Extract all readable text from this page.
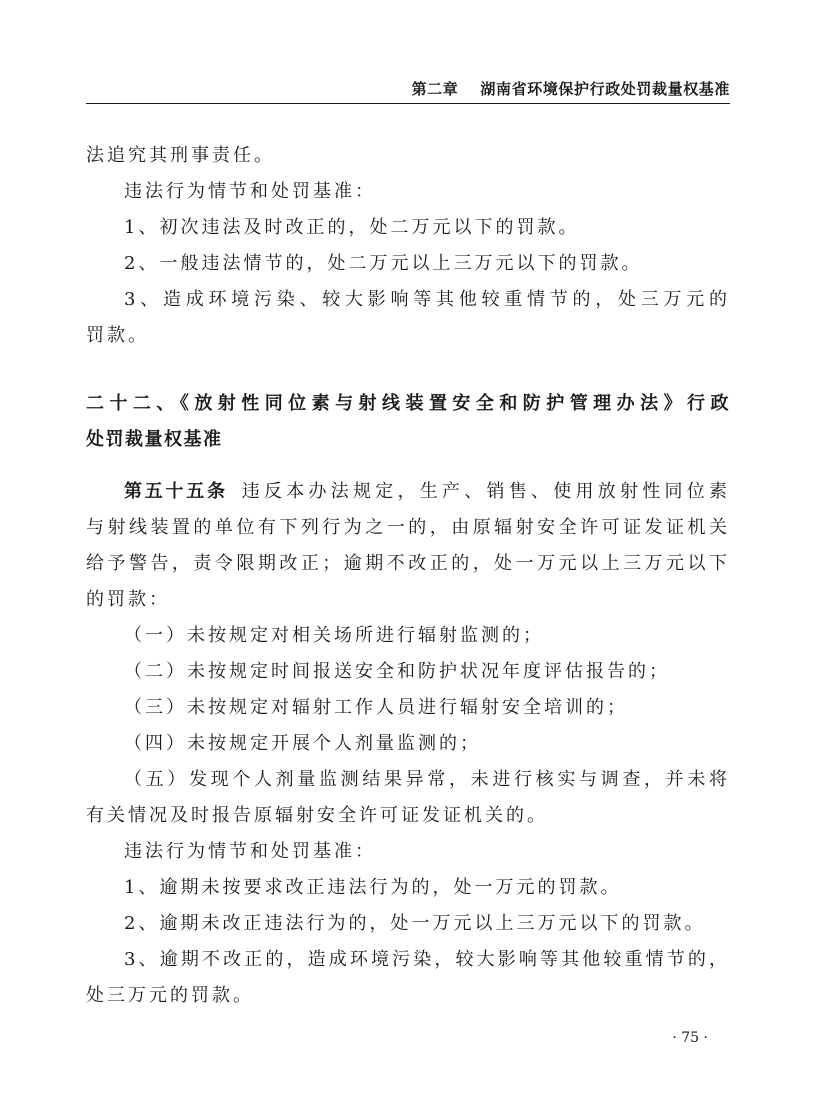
第二章 湖南省环境保护行政处罚裁量权基准
法追究其刑事责任。
违法行为情节和处罚基准：
1、初次违法及时改正的，处二万元以下的罚款。
2、一般违法情节的，处二万元以上三万元以下的罚款。
3、造成环境污染、较大影响等其他较重情节的，处三万元的
罚款。
二十二、《放射性同位素与射线装置安全和防护管理办法》行政
处罚裁量权基准
第五十五条 违反本办法规定，生产、销售、使用放射性同位素
与射线装置的单位有下列行为之一的，由原辐射安全许可证发证机关
给予警告，责令限期改正；逾期不改正的，处一万元以上三万元以下
的罚款：
（一）未按规定对相关场所进行辐射监测的；
（二）未按规定时间报送安全和防护状况年度评估报告的；
（三）未按规定对辐射工作人员进行辐射安全培训的；
（四）未按规定开展个人剂量监测的；
（五）发现个人剂量监测结果异常，未进行核实与调查，并未将
有关情况及时报告原辐射安全许可证发证机关的。
违法行为情节和处罚基准：
1、逾期未按要求改正违法行为的，处一万元的罚款。
2、逾期未改正违法行为的，处一万元以上三万元以下的罚款。
3、逾期不改正的，造成环境污染，较大影响等其他较重情节的，
处三万元的罚款。
· 75 ·
